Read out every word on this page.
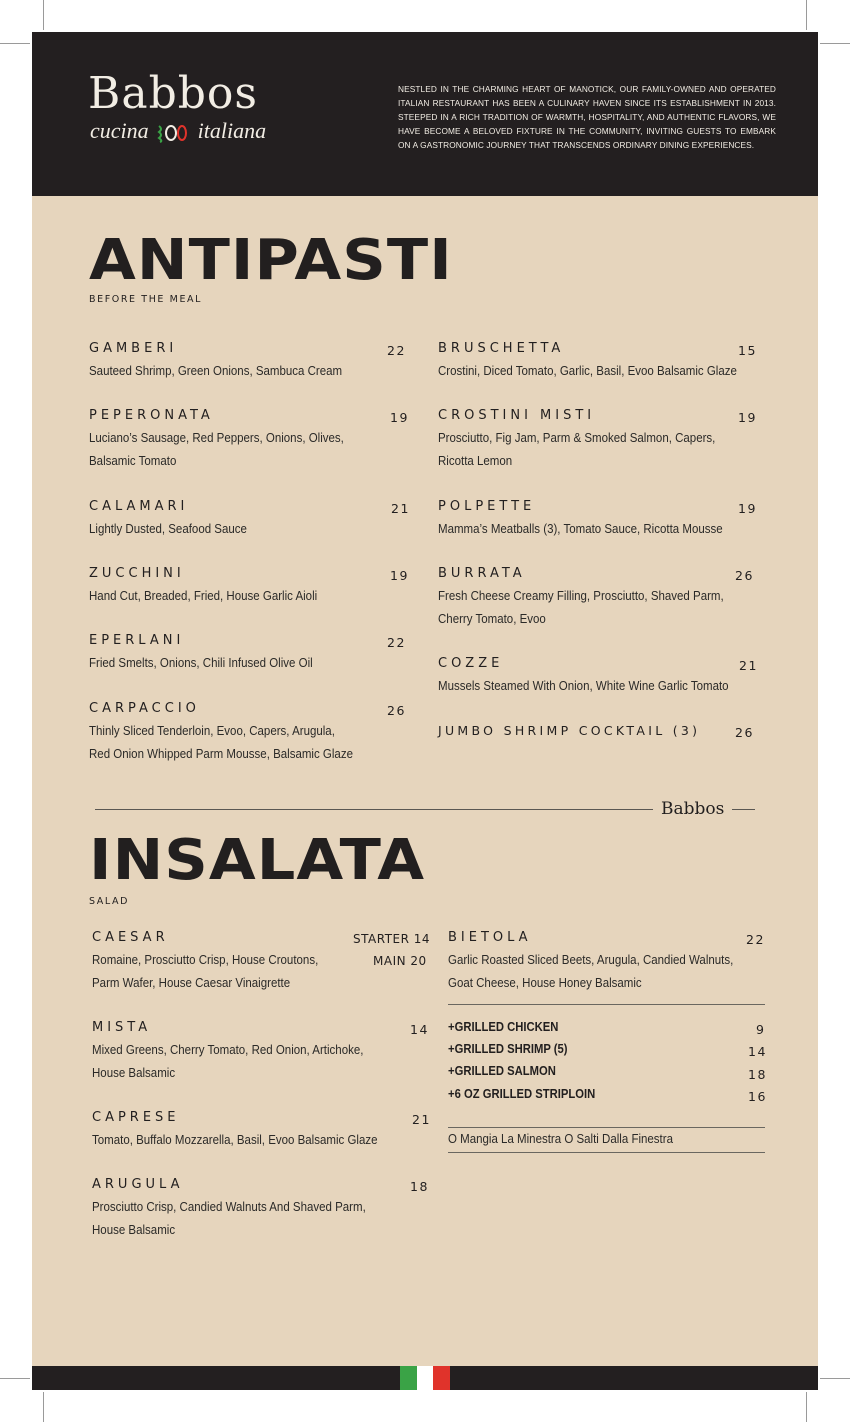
Babbos
cucina italiana
NESTLED IN THE CHARMING HEART OF MANOTICK, OUR FAMILY-OWNED AND OPERATED ITALIAN RESTAURANT HAS BEEN A CULINARY HAVEN SINCE ITS ESTABLISHMENT IN 2013. STEEPED IN A RICH TRADITION OF WARMTH, HOSPITALITY, AND AUTHENTIC FLAVORS, WE HAVE BECOME A BELOVED FIXTURE IN THE COMMUNITY, INVITING GUESTS TO EMBARK ON A GASTRONOMIC JOURNEY THAT TRANSCENDS ORDINARY DINING EXPERIENCES.
ANTIPASTI
BEFORE THE MEAL
GAMBERI
Sauteed Shrimp, Green Onions, Sambuca Cream
22
PEPERONATA
Luciano’s Sausage, Red Peppers, Onions, Olives,
Balsamic Tomato
19
CALAMARI
Lightly Dusted, Seafood Sauce
21
ZUCCHINI
Hand Cut, Breaded, Fried, House Garlic Aioli
19
EPERLANI
Fried Smelts, Onions, Chili Infused Olive Oil
22
CARPACCIO
Thinly Sliced Tenderloin, Evoo, Capers, Arugula,
Red Onion Whipped Parm Mousse, Balsamic Glaze
26
BRUSCHETTA
Crostini, Diced Tomato, Garlic, Basil, Evoo Balsamic Glaze
15
CROSTINI MISTI
Prosciutto, Fig Jam, Parm & Smoked Salmon, Capers,
Ricotta Lemon
19
POLPETTE
Mamma’s Meatballs (3), Tomato Sauce, Ricotta Mousse
19
BURRATA
Fresh Cheese Creamy Filling, Prosciutto, Shaved Parm,
Cherry Tomato, Evoo
26
COZZE
Mussels Steamed With Onion, White Wine Garlic Tomato
21
JUMBO SHRIMP COCKTAIL (3)	26
Babbos
INSALATA
SALAD
CAESAR
Romaine, Prosciutto Crisp, House Croutons,
Parm Wafer, House Caesar Vinaigrette
STARTER 14
MAIN 20
MISTA
Mixed Greens, Cherry Tomato, Red Onion, Artichoke,
House Balsamic
14
CAPRESE
Tomato, Buffalo Mozzarella, Basil, Evoo Balsamic Glaze
21
ARUGULA
Prosciutto Crisp, Candied Walnuts And Shaved Parm,
House Balsamic
18
BIETOLA
Garlic Roasted Sliced Beets, Arugula, Candied Walnuts,
Goat Cheese, House Honey Balsamic
22
+GRILLED CHICKEN	9
+GRILLED SHRIMP (5)	14
+GRILLED SALMON	18
+6 OZ GRILLED STRIPLOIN	16
O Mangia La Minestra O Salti Dalla Finestra
